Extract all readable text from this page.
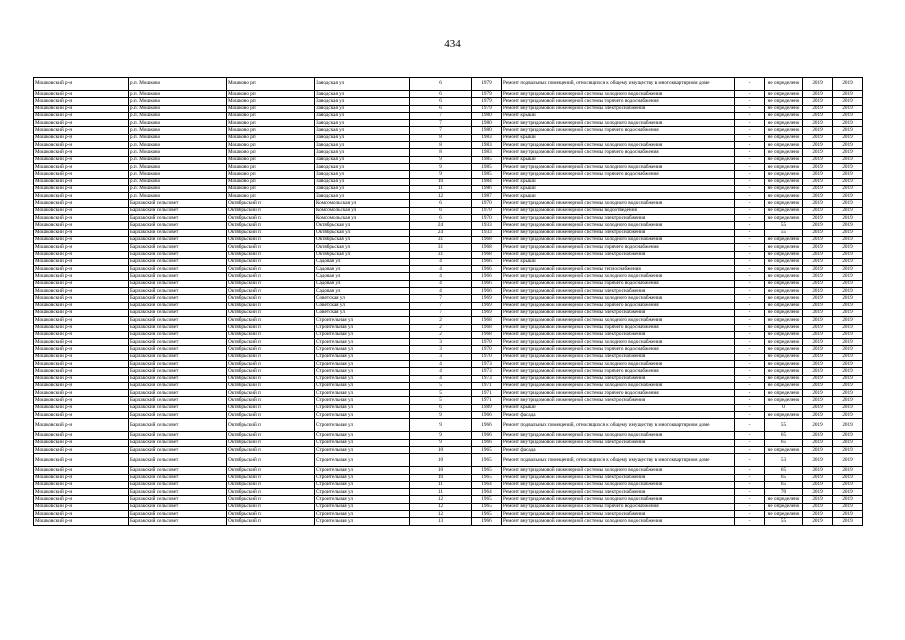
434
Мошковский р-н	р.п. Мошково	Мошково рп	Заводская ул	6	1979	Ремонт подвальных помещений, относящихся к общему имуществу в многоквартирном доме	-	не определено	2019	2019
Мошковский р-н	р.п. Мошково	Мошково рп	Заводская ул	6	1979	Ремонт внутридомовой инженерной системы холодного водоснабжения	-	не определено	2019	2019
Мошковский р-н	р.п. Мошково	Мошково рп	Заводская ул	6	1979	Ремонт внутридомовой инженерной системы горячего водоснабжения	-	не определено	2019	2019
Мошковский р-н	р.п. Мошково	Мошково рп	Заводская ул	6	1979	Ремонт внутридомовой инженерной системы электроснабжения	-	не определено	2019	2019
Мошковский р-н	р.п. Мошково	Мошково рп	Заводская ул	7	1980	Ремонт крыши	-	не определено	2019	2019
Мошковский р-н	р.п. Мошково	Мошково рп	Заводская ул	7	1980	Ремонт внутридомовой инженерной системы холодного водоснабжения	-	не определено	2019	2019
Мошковский р-н	р.п. Мошково	Мошково рп	Заводская ул	7	1980	Ремонт внутридомовой инженерной системы горячего водоснабжения	-	не определено	2019	2019
Мошковский р-н	р.п. Мошково	Мошково рп	Заводская ул	8	1983	Ремонт крыши	-	не определено	2019	2019
Мошковский р-н	р.п. Мошково	Мошково рп	Заводская ул	8	1983	Ремонт внутридомовой инженерной системы холодного водоснабжения	-	не определено	2019	2019
Мошковский р-н	р.п. Мошково	Мошково рп	Заводская ул	8	1983	Ремонт внутридомовой инженерной системы горячего водоснабжения	-	не определено	2019	2019
Мошковский р-н	р.п. Мошково	Мошково рп	Заводская ул	9	1985	Ремонт крыши	-	не определено	2019	2019
Мошковский р-н	р.п. Мошково	Мошково рп	Заводская ул	9	1985	Ремонт внутридомовой инженерной системы холодного водоснабжения	-	не определено	2019	2019
Мошковский р-н	р.п. Мошково	Мошково рп	Заводская ул	9	1985	Ремонт внутридомовой инженерной системы горячего водоснабжения	-	не определено	2019	2019
Мошковский р-н	р.п. Мошково	Мошково рп	Заводская ул	10	1984	Ремонт крыши	-	не определено	2019	2019
Мошковский р-н	р.п. Мошково	Мошково рп	Заводская ул	11	1986	Ремонт крыши	-	не определено	2019	2019
Мошковский р-н	р.п. Мошково	Мошково рп	Заводская ул	12	1987	Ремонт крыши	-	не определено	2019	2019
Мошковский р-н	Барлакский сельсовет	Октябрьский п	Комсомольская ул	6	1970	Ремонт внутридомовой инженерной системы холодного водоснабжения	-	не определено	2019	2019
Мошковский р-н	Барлакский сельсовет	Октябрьский п	Комсомольская ул	6	1970	Ремонт внутридомовой инженерной системы водоотведения	-	не определено	2019	2019
Мошковский р-н	Барлакский сельсовет	Октябрьский п	Комсомольская ул	6	1970	Ремонт внутридомовой инженерной системы электроснабжения	-	не определено	2019	2019
Мошковский р-н	Барлакский сельсовет	Октябрьский п	Октябрьская ул	24	1933	Ремонт внутридомовой инженерной системы холодного водоснабжения	-	55	2019	2019
Мошковский р-н	Барлакский сельсовет	Октябрьский п	Октябрьская ул	24	1933	Ремонт внутридомовой инженерной системы электроснабжения	-	55	2019	2019
Мошковский р-н	Барлакский сельсовет	Октябрьский п	Октябрьская ул	31	1968	Ремонт внутридомовой инженерной системы холодного водоснабжения	-	не определено	2019	2019
Мошковский р-н	Барлакский сельсовет	Октябрьский п	Октябрьская ул	31	1968	Ремонт внутридомовой инженерной системы горячего водоснабжения	-	не определено	2019	2019
Мошковский р-н	Барлакский сельсовет	Октябрьский п	Октябрьская ул	31	1968	Ремонт внутридомовой инженерной системы электроснабжения	-	не определено	2019	2019
Мошковский р-н	Барлакский сельсовет	Октябрьский п	Садовая ул	4	1966	Ремонт крыши	-	не определено	2019	2019
Мошковский р-н	Барлакский сельсовет	Октябрьский п	Садовая ул	4	1966	Ремонт внутридомовой инженерной системы теплоснабжения	-	не определено	2019	2019
Мошковский р-н	Барлакский сельсовет	Октябрьский п	Садовая ул	4	1966	Ремонт внутридомовой инженерной системы холодного водоснабжения	-	не определено	2019	2019
Мошковский р-н	Барлакский сельсовет	Октябрьский п	Садовая ул	4	1966	Ремонт внутридомовой инженерной системы горячего водоснабжения	-	не определено	2019	2019
Мошковский р-н	Барлакский сельсовет	Октябрьский п	Садовая ул	4	1966	Ремонт внутридомовой инженерной системы электроснабжения	-	не определено	2019	2019
Мошковский р-н	Барлакский сельсовет	Октябрьский п	Советская ул	7	1969	Ремонт внутридомовой инженерной системы холодного водоснабжения	-	не определено	2019	2019
Мошковский р-н	Барлакский сельсовет	Октябрьский п	Советская ул	7	1969	Ремонт внутридомовой инженерной системы горячего водоснабжения	-	не определено	2019	2019
Мошковский р-н	Барлакский сельсовет	Октябрьский п	Советская ул	7	1969	Ремонт внутридомовой инженерной системы электроснабжения	-	не определено	2019	2019
Мошковский р-н	Барлакский сельсовет	Октябрьский п	Строительная ул	2	1968	Ремонт внутридомовой инженерной системы холодного водоснабжения	-	не определено	2019	2019
Мошковский р-н	Барлакский сельсовет	Октябрьский п	Строительная ул	2	1968	Ремонт внутридомовой инженерной системы горячего водоснабжения	-	не определено	2019	2019
Мошковский р-н	Барлакский сельсовет	Октябрьский п	Строительная ул	2	1968	Ремонт внутридомовой инженерной системы электроснабжения	-	не определено	2019	2019
Мошковский р-н	Барлакский сельсовет	Октябрьский п	Строительная ул	3	1970	Ремонт внутридомовой инженерной системы холодного водоснабжения	-	не определено	2019	2019
Мошковский р-н	Барлакский сельсовет	Октябрьский п	Строительная ул	3	1970	Ремонт внутридомовой инженерной системы горячего водоснабжения	-	не определено	2019	2019
Мошковский р-н	Барлакский сельсовет	Октябрьский п	Строительная ул	3	1970	Ремонт внутридомовой инженерной системы электроснабжения	-	не определено	2019	2019
Мошковский р-н	Барлакский сельсовет	Октябрьский п	Строительная ул	4	1973	Ремонт внутридомовой инженерной системы холодного водоснабжения	-	не определено	2019	2019
Мошковский р-н	Барлакский сельсовет	Октябрьский п	Строительная ул	4	1973	Ремонт внутридомовой инженерной системы горячего водоснабжения	-	не определено	2019	2019
Мошковский р-н	Барлакский сельсовет	Октябрьский п	Строительная ул	4	1973	Ремонт внутридомовой инженерной системы электроснабжения	-	не определено	2019	2019
Мошковский р-н	Барлакский сельсовет	Октябрьский п	Строительная ул	5	1971	Ремонт внутридомовой инженерной системы холодного водоснабжения	-	не определено	2019	2019
Мошковский р-н	Барлакский сельсовет	Октябрьский п	Строительная ул	5	1971	Ремонт внутридомовой инженерной системы горячего водоснабжения	-	не определено	2019	2019
Мошковский р-н	Барлакский сельсовет	Октябрьский п	Строительная ул	5	1971	Ремонт внутридомовой инженерной системы электроснабжения	-	не определено	2019	2019
Мошковский р-н	Барлакский сельсовет	Октябрьский п	Строительная ул	6	1989	Ремонт крыши	-	0	2019	2019
Мошковский р-н	Барлакский сельсовет	Октябрьский п	Строительная ул	9	1966	Ремонт фасада	-	не определено	2019	2019
Мошковский р-н	Барлакский сельсовет	Октябрьский п	Строительная ул	9	1966	Ремонт подвальных помещений, относящихся к общему имуществу в многоквартирном доме	-	55	2019	2019
Мошковский р-н	Барлакский сельсовет	Октябрьский п	Строительная ул	9	1966	Ремонт внутридомовой инженерной системы холодного водоснабжения	-	65	2019	2019
Мошковский р-н	Барлакский сельсовет	Октябрьский п	Строительная ул	9	1966	Ремонт внутридомовой инженерной системы электроснабжения	-	65	2019	2019
Мошковский р-н	Барлакский сельсовет	Октябрьский п	Строительная ул	10	1965	Ремонт фасада	-	не определено	2019	2019
Мошковский р-н	Барлакский сельсовет	Октябрьский п	Строительная ул	10	1965	Ремонт подвальных помещений, относящихся к общему имуществу в многоквартирном доме	-	53	2019	2019
Мошковский р-н	Барлакский сельсовет	Октябрьский п	Строительная ул	10	1965	Ремонт внутридомовой инженерной системы холодного водоснабжения	-	65	2019	2019
Мошковский р-н	Барлакский сельсовет	Октябрьский п	Строительная ул	10	1965	Ремонт внутридомовой инженерной системы электроснабжения	-	65	2019	2019
Мошковский р-н	Барлакский сельсовет	Октябрьский п	Строительная ул	11	1964	Ремонт внутридомовой инженерной системы холодного водоснабжения	-	65	2019	2019
Мошковский р-н	Барлакский сельсовет	Октябрьский п	Строительная ул	11	1964	Ремонт внутридомовой инженерной системы электроснабжения	-	70	2019	2019
Мошковский р-н	Барлакский сельсовет	Октябрьский п	Строительная ул	12	1965	Ремонт внутридомовой инженерной системы холодного водоснабжения	-	не определено	2019	2019
Мошковский р-н	Барлакский сельсовет	Октябрьский п	Строительная ул	12	1965	Ремонт внутридомовой инженерной системы горячего водоснабжения	-	не определено	2019	2019
Мошковский р-н	Барлакский сельсовет	Октябрьский п	Строительная ул	12	1965	Ремонт внутридомовой инженерной системы электроснабжения	-	не определено	2019	2019
Мошковский р-н	Барлакский сельсовет	Октябрьский п	Строительная ул	13	1966	Ремонт внутридомовой инженерной системы холодного водоснабжения	-	55	2019	2019
